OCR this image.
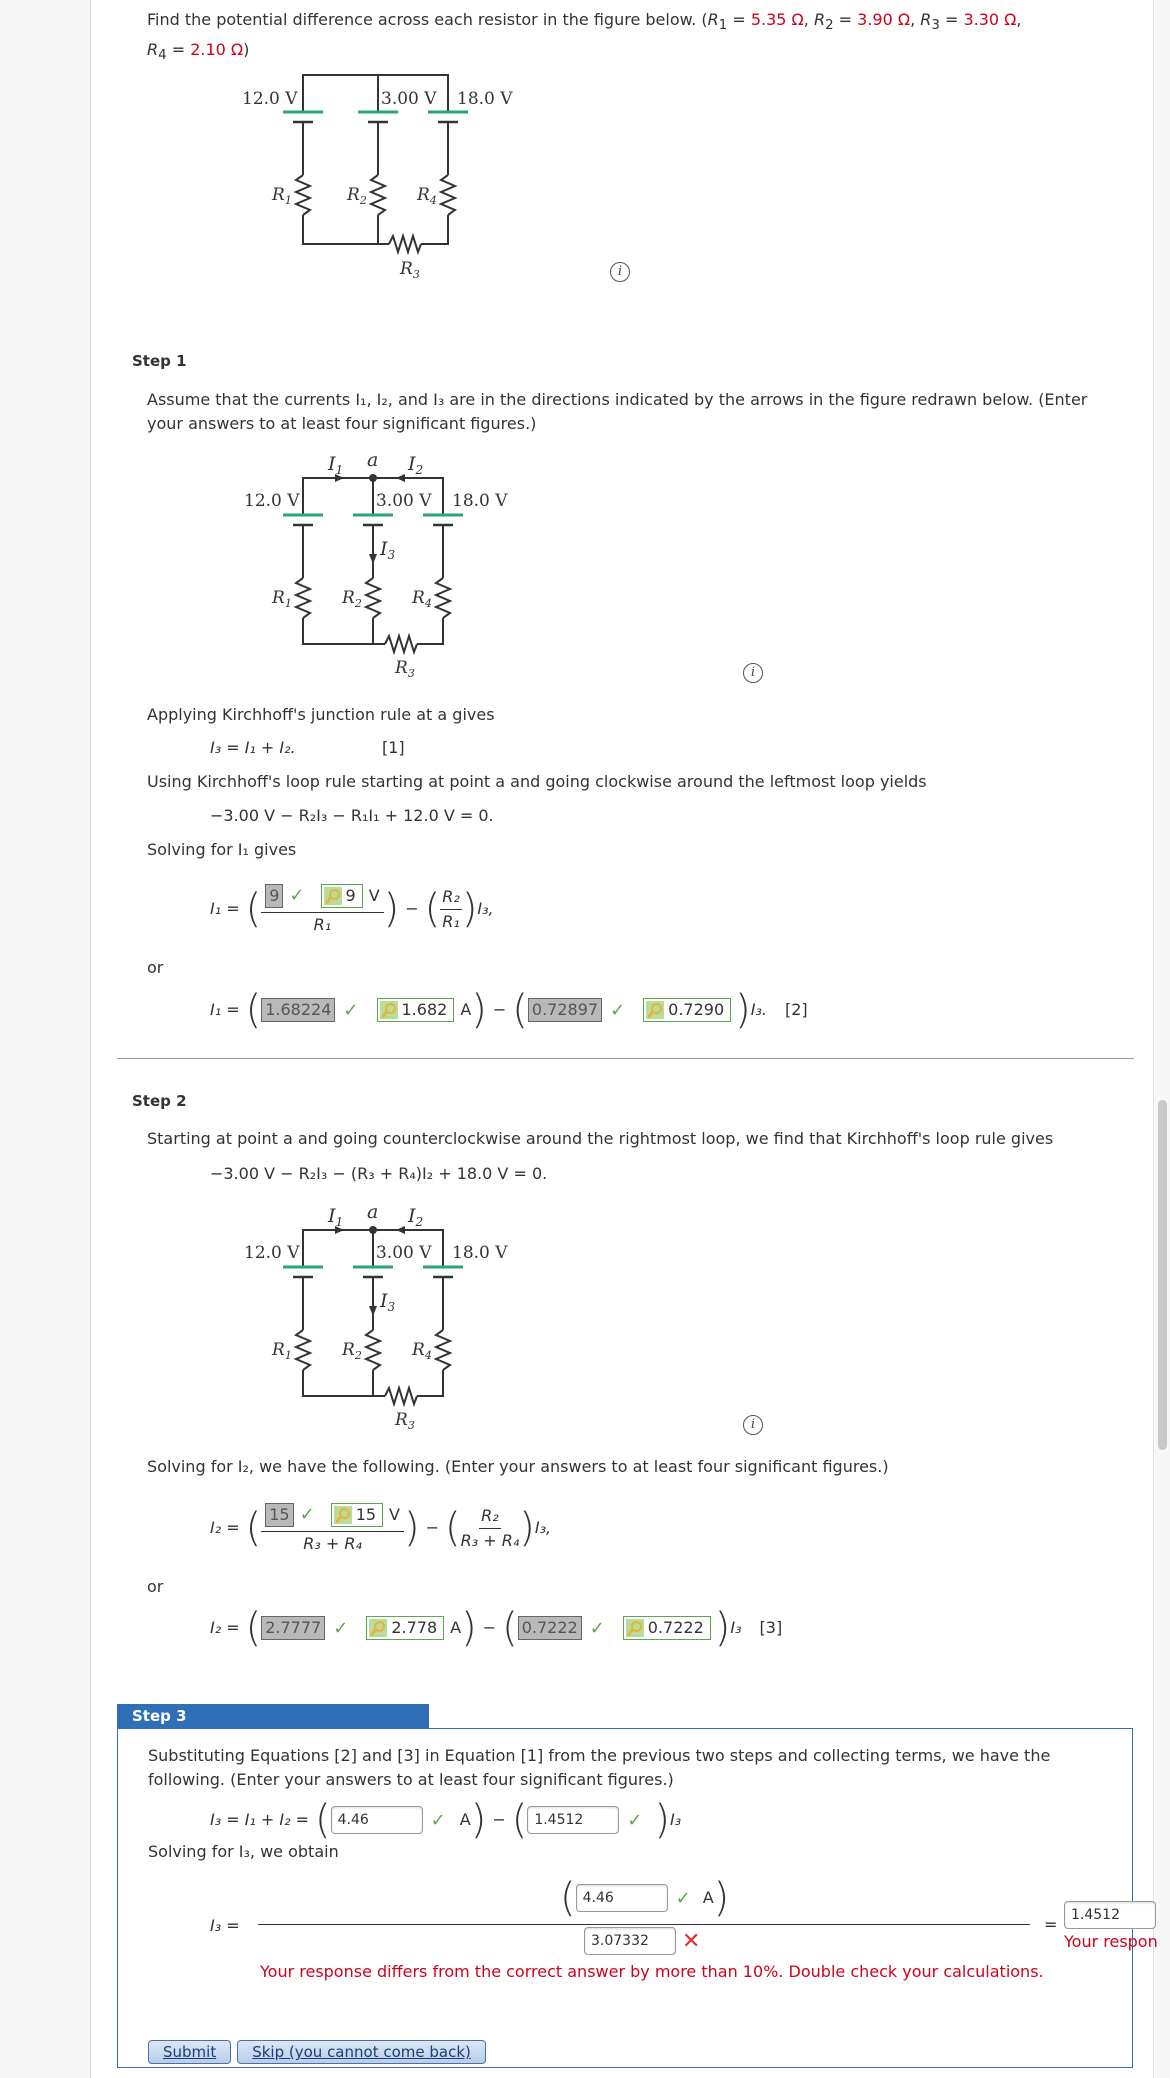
Find the potential difference across each resistor in the figure below. ($R_1 = 5.35$ Ω, $R_2 = 3.90$ Ω, $R_3 = 3.30$ Ω,
$R_4 = 2.10$ Ω)
12.0 V	3.00 V 18.0 V
$R_1$	$R_2$	$R_4$
$R_3$	i
Step 1
Assume that the currents I₁, I₂, and I₃ are in the directions indicated by the arrows in the figure redrawn below. (Enter your answers to at least four significant figures.)
$I_1$ a $I_2$
$I_3$
12.0 V	3.00 V 18.0 V
$R_1$	$R_2$	$R_4$
$R_3$	i
Applying Kirchhoff's junction rule at a gives
I₃ = I₁ + I₂.	[1]
Using Kirchhoff's loop rule starting at point a and going clockwise around the leftmost loop yields
−3.00 V − R₂I₃ − R₁I₁ + 12.0 V = 0.
Solving for I₁ gives
I₁ = ( 9 ✓	9 V
R₁ ) − ( $\frac{\text{R₂}}{\text{R₁}}$ ) I₃,
or
I₁ = ( 1.68224 ✓	1.682 A ) − ( 0.72897 ✓	0.7290 ) I₃. [2]
Step 2
Starting at point a and going counterclockwise around the rightmost loop, we find that Kirchhoff's loop rule gives
−3.00 V − R₂I₃ − (R₃ + R₄)I₂ + 18.0 V = 0.
$I_1$ a $I_2$
$I_3$
12.0 V	3.00 V 18.0 V
$R_1$	$R_2$	$R_4$
$R_3$	i
Solving for I₂, we have the following. (Enter your answers to at least four significant figures.)
I₂ = ( 15 ✓	15 V
R₃ + R₄ ) − ( $\frac{\text{R₂}}{\text{R₃ + R₄}}$ ) I₃,
or
I₂ = ( 2.7777 ✓	2.778 A ) − ( 0.7222 ✓	0.7222 ) I₃ [3]
Step 3
Substituting Equations [2] and [3] in Equation [1] from the previous two steps and collecting terms, we have the following. (Enter your answers to at least four significant figures.)
I₃ = I₁ + I₂ = ( 4.46	✓ A ) − ( 1.4512	✓ ) I₃
Solving for I₃, we obtain
I₃ =
( 4.46	✓ A )
3.07332	✕
= 1.4512
Your respon
Your response differs from the correct answer by more than 10%. Double check your calculations.
Submit	Skip (you cannot come back)
